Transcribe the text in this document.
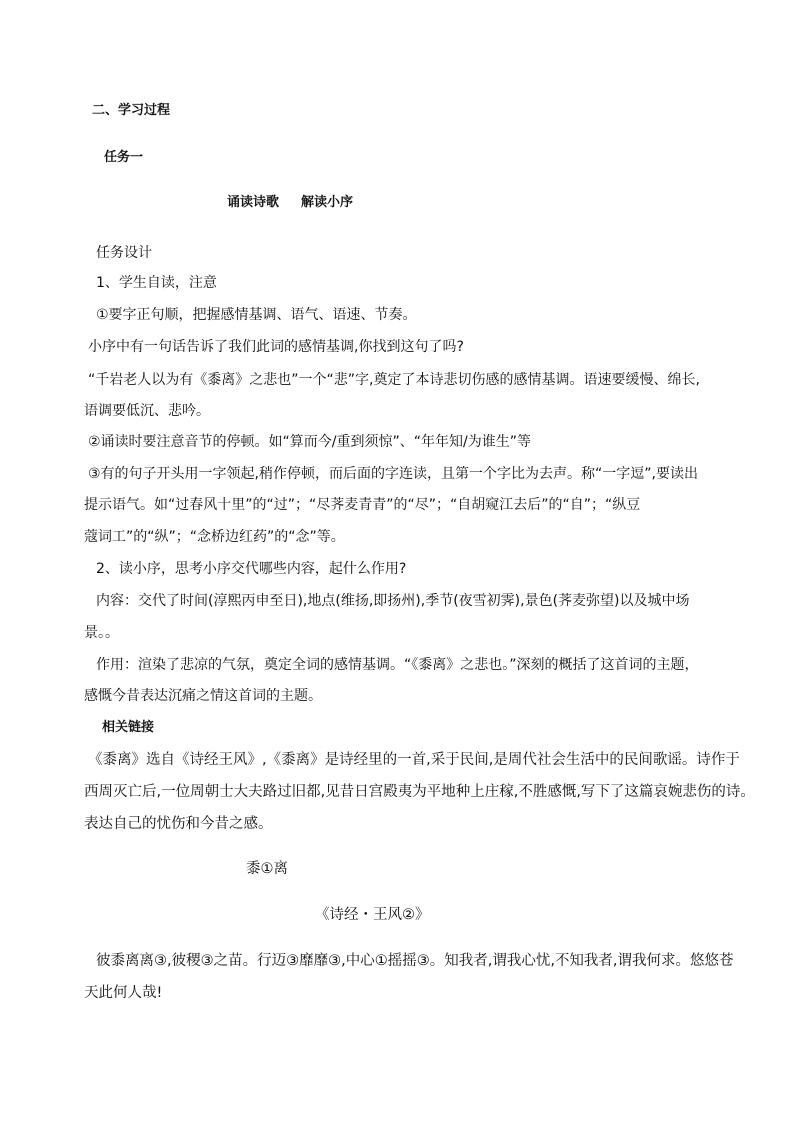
二、学习过程
任务一
诵读诗歌 解读小序
任务设计
1、学生自读，注意
①要字正句顺，把握感情基调、语气、语速、节奏。
小序中有一句话告诉了我们此词的感情基调,你找到这句了吗?
“千岩老人以为有《黍离》之悲也”一个“悲”字,奠定了本诗悲切伤感的感情基调。语速要缓慢、绵长,
语调要低沉、悲吟。
②诵读时要注意音节的停顿。如“算而今/重到须惊”、“年年知/为谁生”等
③有的句子开头用一字领起,稍作停顿，而后面的字连读，且第一个字比为去声。称“一字逗”,要读出
提示语气。如“过春风十里”的“过”；“尽荠麦青青”的“尽”；“自胡窥江去后”的“自”；“纵豆
蔻词工”的“纵”；“念桥边红药”的“念”等。
2、读小序，思考小序交代哪些内容，起什么作用?
内容：交代了时间(淳熙丙申至日),地点(维扬,即扬州),季节(夜雪初霁),景色(荠麦弥望)以及城中场
景。。
作用：渲染了悲凉的气氛，奠定全词的感情基调。“《黍离》之悲也。”深刻的概括了这首词的主题，
感慨今昔表达沉痛之情这首词的主题。
相关链接
《黍离》选自《诗经王风》,《黍离》是诗经里的一首,采于民间,是周代社会生活中的民间歌谣。诗作于
西周灭亡后,一位周朝士大夫路过旧都,见昔日宫殿夷为平地种上庄稼,不胜感慨,写下了这篇哀婉悲伤的诗。
表达自己的忧伤和今昔之感。
黍①离
《诗经・王风②》
彼黍离离③,彼稷③之苗。行迈③靡靡③,中心①摇摇③。知我者,谓我心忧,不知我者,谓我何求。悠悠苍
天此何人哉!
